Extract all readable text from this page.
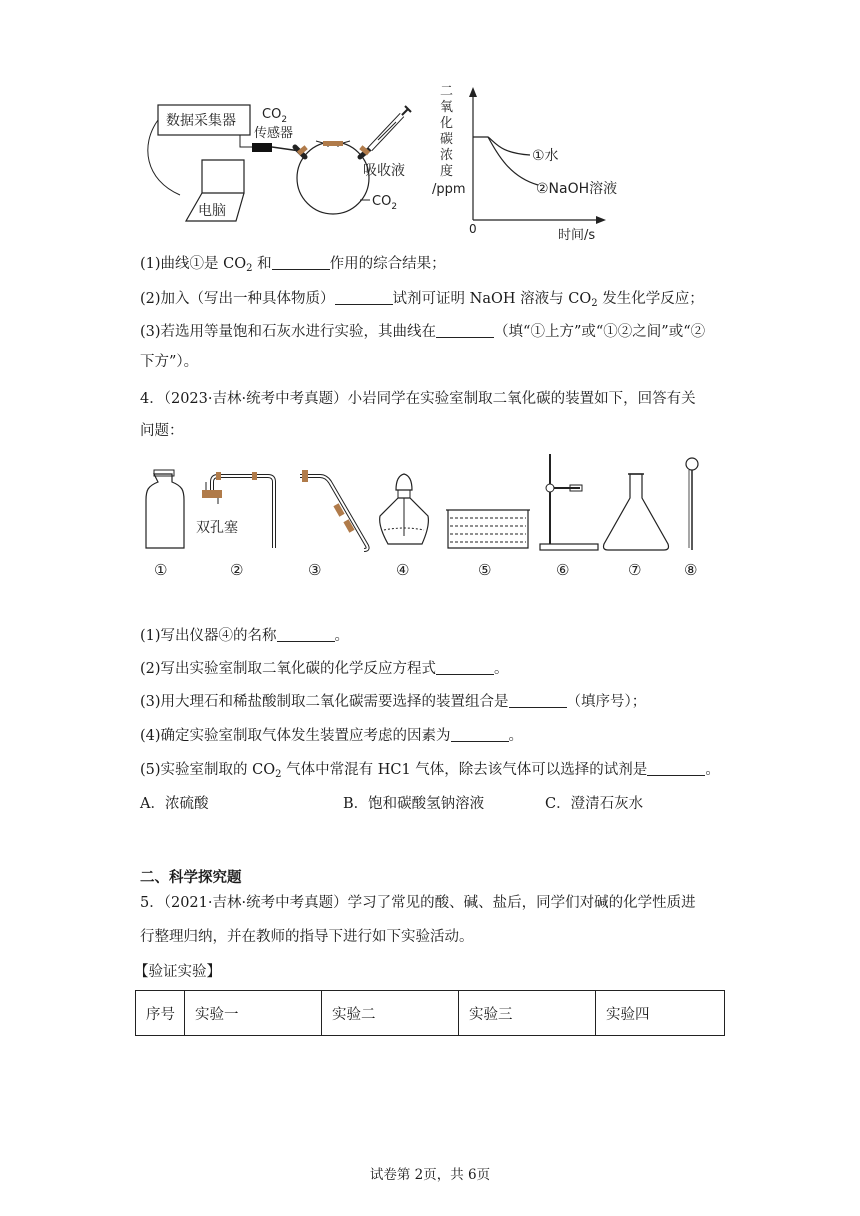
数据采集器
电脑
$CO_2$
传感器
吸收液
$CO_2$
二氧化碳浓度
/ppm
0	时间/s
①水
②NaOH溶液
(1)曲线①是 $CO_2$ 和	作用的综合结果；
(2)加入（写出一种具体物质）	试剂可证明 NaOH 溶液与 $CO_2$ 发生化学反应；
(3)若选用等量饱和石灰水进行实验，其曲线在	（填“①上方”或“①②之间”或“②
下方”）。
4．（2023·吉林·统考中考真题）小岩同学在实验室制取二氧化碳的装置如下，回答有关
问题：
双孔塞
①	②	③	④	⑤	⑥	⑦	⑧
(1)写出仪器④的名称	。
(2)写出实验室制取二氧化碳的化学反应方程式	。
(3)用大理石和稀盐酸制取二氧化碳需要选择的装置组合是	（填序号）；
(4)确定实验室制取气体发生装置应考虑的因素为	。
(5)实验室制取的 $CO_2$ 气体中常混有 HC1 气体，除去该气体可以选择的试剂是	。
A．浓硫酸	B．饱和碳酸氢钠溶液	C．澄清石灰水
二、科学探究题
5．（2021·吉林·统考中考真题）学习了常见的酸、碱、盐后，同学们对碱的化学性质进
行整理归纳，并在教师的指导下进行如下实验活动。
【验证实验】
序号	实验一	实验二	实验三	实验四
试卷第 2页，共 6页
